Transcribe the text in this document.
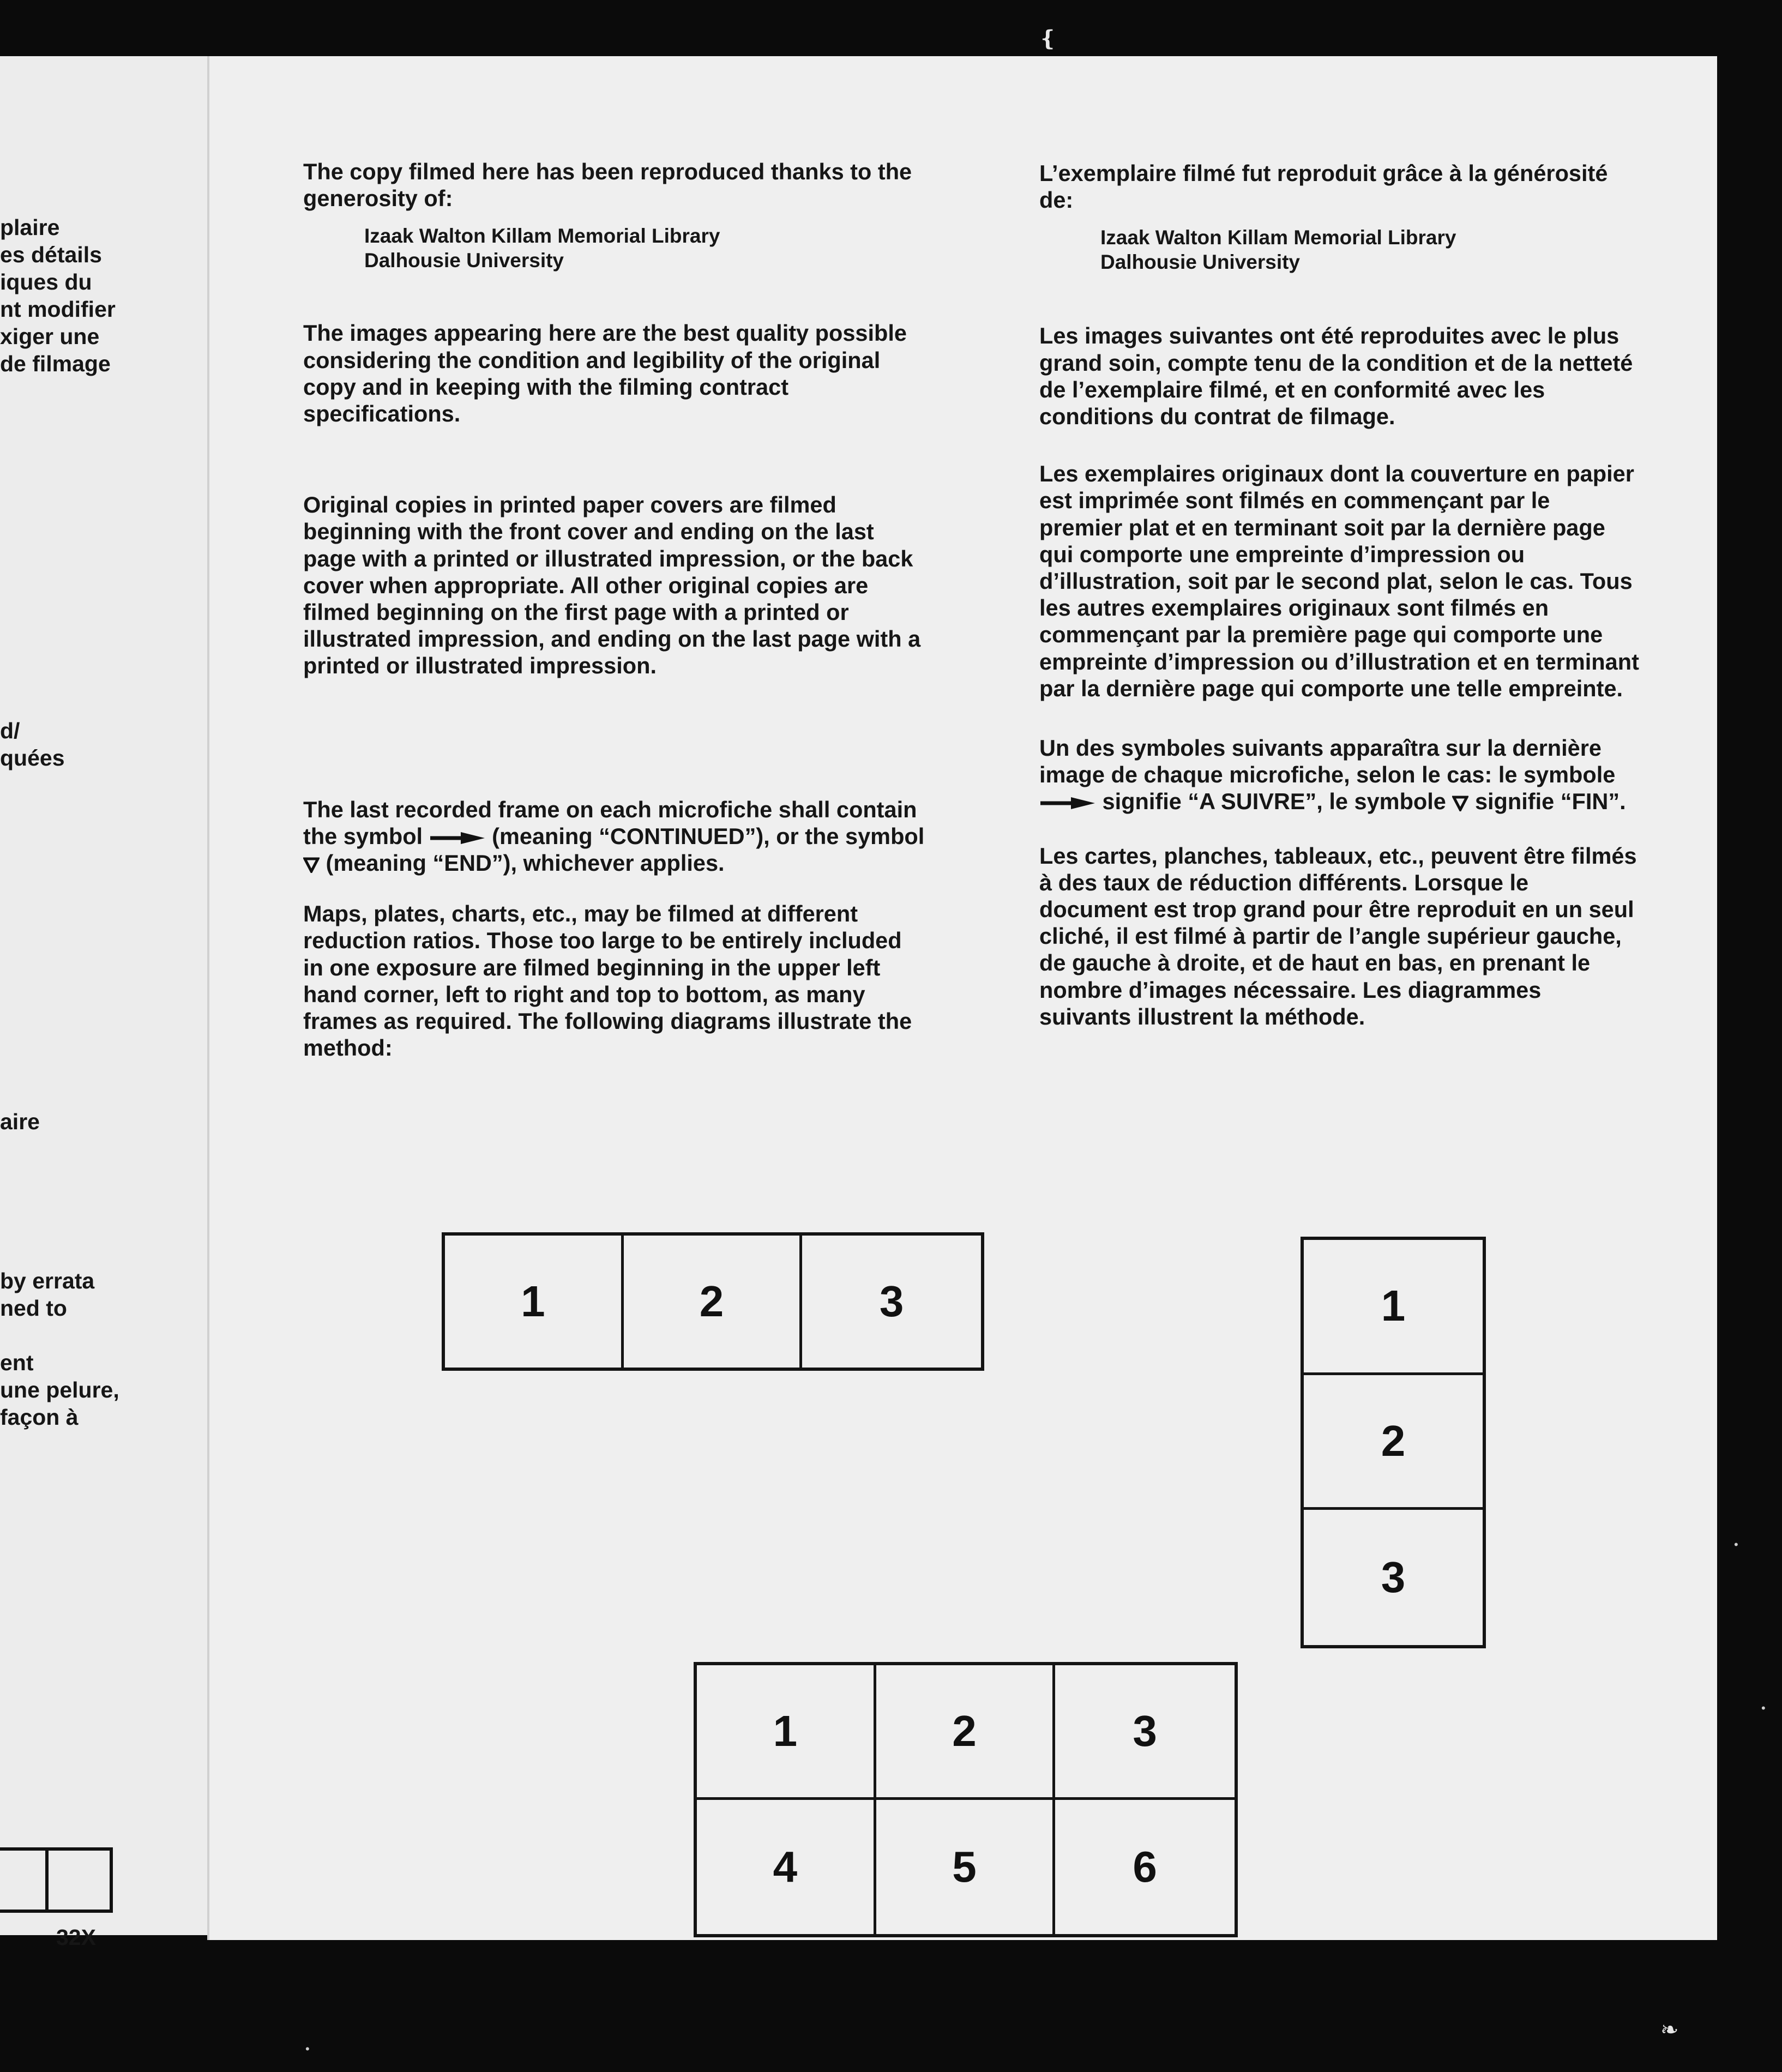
plaire
es détails
iques du
nt modifier
xiger une
de filmage
d/
quées
aire
by errata
ned to
ent
une pelure,
façon à
32X

The copy filmed here has been reproduced thanks to the generosity of:

Izaak Walton Killam Memorial Library

Dalhousie University

The images appearing here are the best quality possible considering the condition and legibility of the original copy and in keeping with the filming contract specifications.

Original copies in printed paper covers are filmed beginning with the front cover and ending on the last page with a printed or illustrated impression, or the back cover when appropriate. All other original copies are filmed beginning on the first page with a printed or illustrated impression, and ending on the last page with a printed or illustrated impression.

The last recorded frame on each microfiche shall contain the symbol	(meaning “CONTINUED”), or the symbol  (meaning “END”), whichever applies.

Maps, plates, charts, etc., may be filmed at different reduction ratios. Those too large to be entirely included in one exposure are filmed beginning in the upper left hand corner, left to right and top to bottom, as many frames as required. The following diagrams illustrate the method:

L’exemplaire filmé fut reproduit grâce à la générosité de:

Izaak Walton Killam Memorial Library

Dalhousie University

Les images suivantes ont été reproduites avec le plus grand soin, compte tenu de la condition et de la netteté de l’exemplaire filmé, et en conformité avec les conditions du contrat de filmage.

Les exemplaires originaux dont la couverture en papier est imprimée sont filmés en commençant par le premier plat et en terminant soit par la dernière page qui comporte une empreinte d’impression ou d’illustration, soit par le second plat, selon le cas. Tous les autres exemplaires originaux sont filmés en commençant par la première page qui comporte une empreinte d’impression ou d’illustration et en terminant par la dernière page qui comporte une telle empreinte.

Un des symboles suivants apparaîtra sur la dernière image de chaque microfiche, selon le cas: le symbole  signifie “A SUIVRE”, le symbole signifie “FIN”.

Les cartes, planches, tableaux, etc., peuvent être filmés à des taux de réduction différents. Lorsque le document est trop grand pour être reproduit en un seul cliché, il est filmé à partir de l’angle supérieur gauche, de gauche à droite, et de haut en bas, en prenant le nombre d’images nécessaire. Les diagrammes suivants illustrent la méthode.

1	2	3	1
2
3
1	2	3
4	5	6
❴
•
•
•
❧
